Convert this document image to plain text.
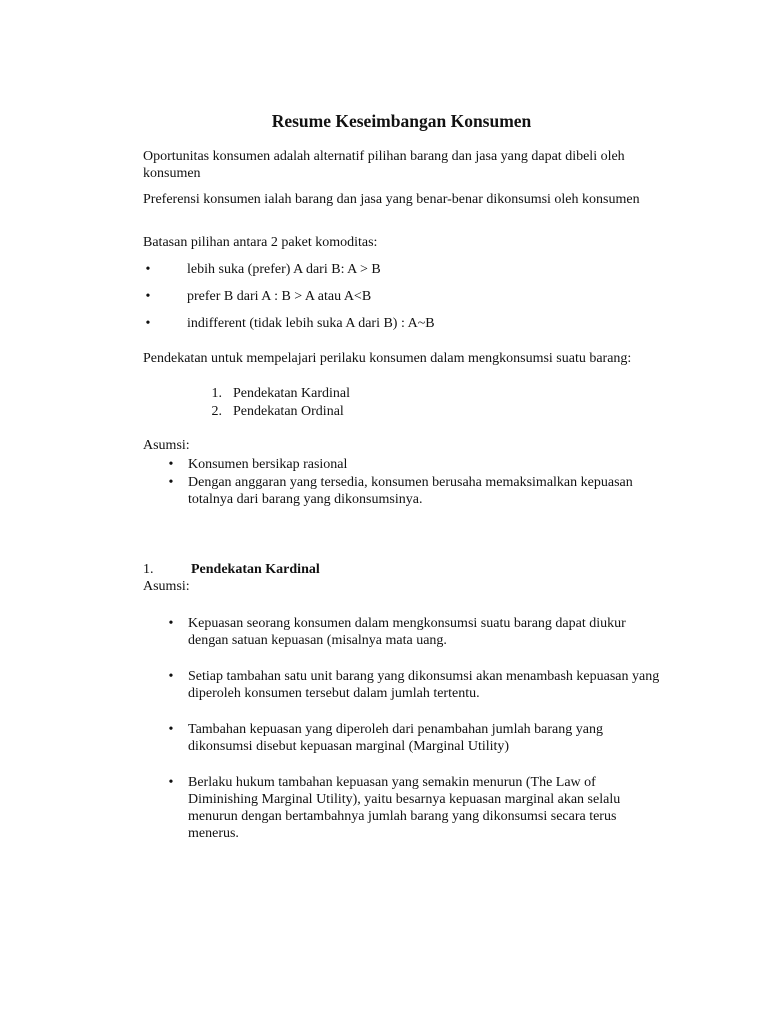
Resume Keseimbangan Konsumen

Oportunitas konsumen adalah alternatif pilihan barang dan jasa yang dapat dibeli oleh konsumen

Preferensi konsumen ialah barang dan jasa yang benar-benar dikonsumsi oleh konsumen

Batasan pilihan antara 2 paket komoditas:

•	lebih suka (prefer) A dari B: A > B
•	prefer B dari A : B > A atau A<B
•	indifferent (tidak lebih suka A dari B) : A~B

Pendekatan untuk mempelajari perilaku konsumen dalam mengkonsumsi suatu barang:

1. Pendekatan Kardinal
2. Pendekatan Ordinal

Asumsi:

•	Konsumen bersikap rasional
•	Dengan anggaran yang tersedia, konsumen berusaha memaksimalkan kepuasan totalnya dari barang yang dikonsumsinya.
1.	Pendekatan Kardinal

Asumsi:

•	Kepuasan seorang konsumen dalam mengkonsumsi suatu barang dapat diukur dengan satuan kepuasan (misalnya mata uang.
•	Setiap tambahan satu unit barang yang dikonsumsi akan menambash kepuasan yang diperoleh konsumen tersebut dalam jumlah tertentu.
•	Tambahan kepuasan yang diperoleh dari penambahan jumlah barang yang dikonsumsi disebut kepuasan marginal (Marginal Utility)
•	Berlaku hukum tambahan kepuasan yang semakin menurun (The Law of Diminishing Marginal Utility), yaitu besarnya kepuasan marginal akan selalu menurun dengan bertambahnya jumlah barang yang dikonsumsi secara terus menerus.
